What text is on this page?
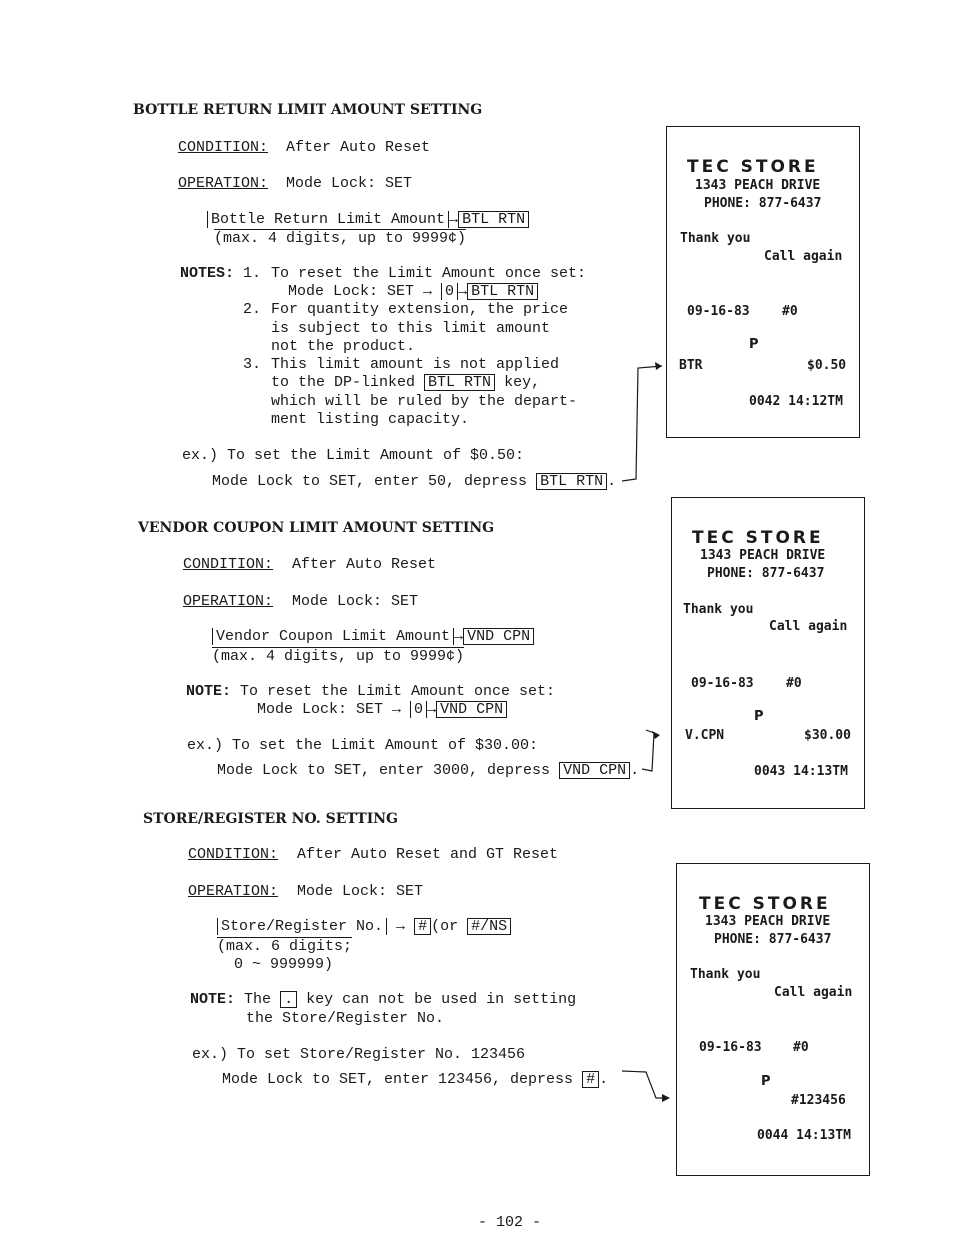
BOTTLE RETURN LIMIT AMOUNT SETTING
CONDITION: After Auto Reset
OPERATION: Mode Lock: SET
Bottle Return Limit Amount → BTL RTN
(max. 4 digits, up to 9999¢)
NOTES: 1. To reset the Limit Amount once set:
Mode Lock: SET → 0 → BTL RTN
2. For quantity extension, the price
is subject to this limit amount
not the product.
3. This limit amount is not applied
to the DP-linked BTL RTN key,
which will be ruled by the depart-
ment listing capacity.
ex.) To set the Limit Amount of $0.50:
Mode Lock to SET, enter 50, depress BTL RTN .
TEC STORE
1343 PEACH DRIVE
PHONE: 877-6437
Thank you
Call again
09-16-83 #0
P
BTR	$0.50
0042 14:12TM
VENDOR COUPON LIMIT AMOUNT SETTING
CONDITION: After Auto Reset
OPERATION: Mode Lock: SET
Vendor Coupon Limit Amount → VND CPN
(max. 4 digits, up to 9999¢)
NOTE: To reset the Limit Amount once set:
Mode Lock: SET → 0 → VND CPN
ex.) To set the Limit Amount of $30.00:
Mode Lock to SET, enter 3000, depress VND CPN .
TEC STORE
1343 PEACH DRIVE
PHONE: 877-6437
Thank you
Call again
09-16-83 #0
P
V.CPN	$30.00
0043 14:13TM
STORE/REGISTER NO. SETTING
CONDITION: After Auto Reset and GT Reset
OPERATION: Mode Lock: SET
Store/Register No. → # (or #/NS
(max. 6 digits;
0 ~ 999999)
NOTE: The . key can not be used in setting
the Store/Register No.
ex.) To set Store/Register No. 123456
Mode Lock to SET, enter 123456, depress # .
TEC STORE
1343 PEACH DRIVE
PHONE: 877-6437
Thank you
Call again
09-16-83 #0
P
#123456
0044 14:13TM
- 102 -
